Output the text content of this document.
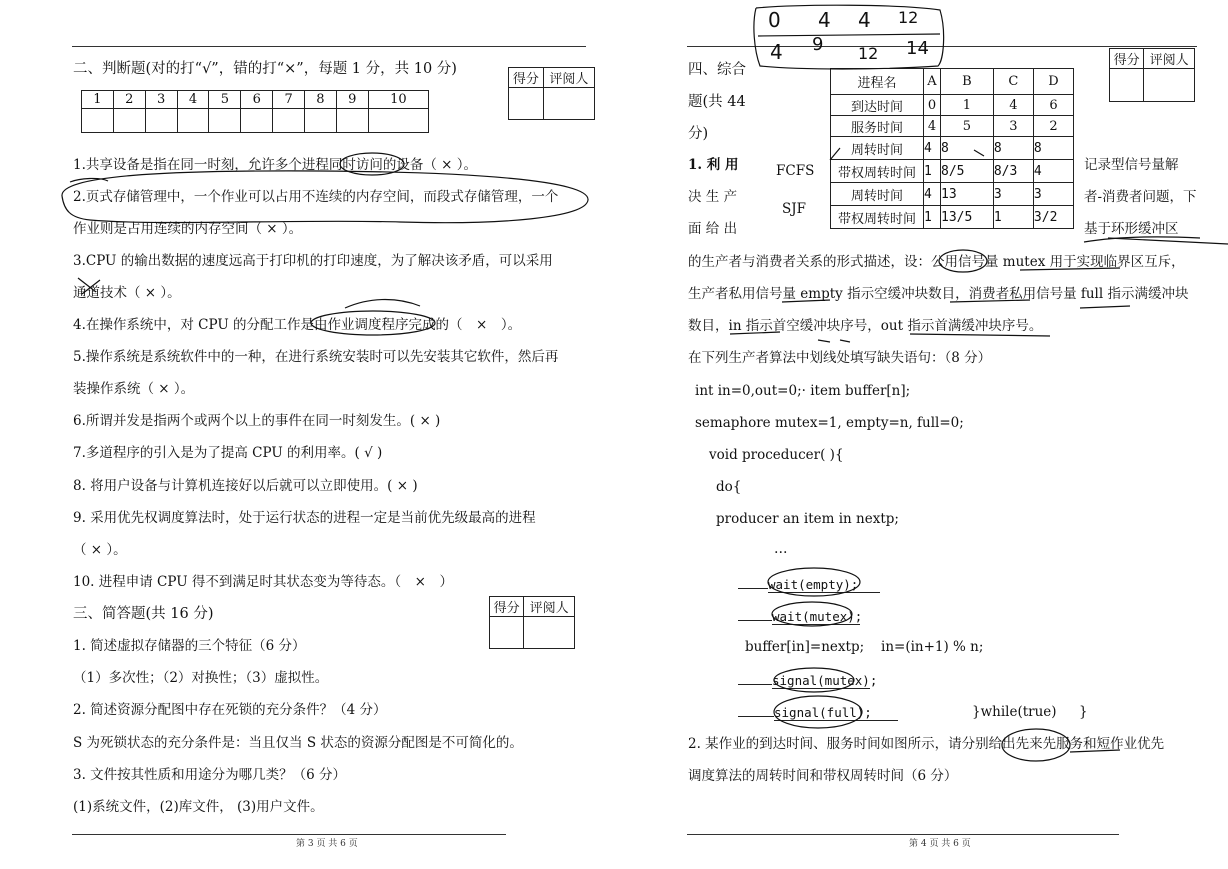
二、判断题(对的打“√”，错的打“×”，每题 1 分，共 10 分)
得分	评阅人

1	2	3	4	5	6	7	8	9	10

1.共享设备是指在同一时刻，允许多个进程同时访问的设备（ × ）。
2.页式存储管理中，一个作业可以占用不连续的内存空间，而段式存储管理，一个
作业则是占用连续的内存空间（ × ）。
3.CPU 的输出数据的速度远高于打印机的打印速度，为了解决该矛盾，可以采用
通道技术（ × ）。
4.在操作系统中，对 CPU 的分配工作是由作业调度程序完成的（　×　）。
5.操作系统是系统软件中的一种，在进行系统安装时可以先安装其它软件，然后再
装操作系统（ × ）。
6.所谓并发是指两个或两个以上的事件在同一时刻发生。( × )
7.多道程序的引入是为了提高 CPU 的利用率。( √ )
8. 将用户设备与计算机连接好以后就可以立即使用。( × )
9. 采用优先权调度算法时，处于运行状态的进程一定是当前优先级最高的进程
（ × ）。
10. 进程申请 CPU 得不到满足时其状态变为等待态。（　×　）
三、简答题(共 16 分)	得分	评阅人

1. 简述虚拟存储器的三个特征（6 分）
（1）多次性；（2）对换性；（3）虚拟性。
2. 简述资源分配图中存在死锁的充分条件？（4 分）
S 为死锁状态的充分条件是：当且仅当 S 状态的资源分配图是不可简化的。
3. 文件按其性质和用途分为哪几类？（6 分）
(1)系统文件，(2)库文件， (3)用户文件。
第 3 页 共 6 页
得分	评阅人

四、综合
题(共 44
分)
1. 利 用
决 生 产
面 给 出
记录型信号量解
者-消费者问题，下
基于环形缓冲区
进程名	A	B	C	D
到达时间	0	1	4	6
服务时间	4	5	3	2
周转时间	4	8	8	8
带权周转时间	1	8/5	8/3	4
周转时间	4	13	3	3
带权周转时间	1	13/5	1	3/2
FCFS
SJF
的生产者与消费者关系的形式描述，设：公用信号量 mutex 用于实现临界区互斥，
生产者私用信号量 empty 指示空缓冲块数目，消费者私用信号量 full 指示满缓冲块
数目，in 指示首空缓冲块序号，out 指示首满缓冲块序号。
在下列生产者算法中划线处填写缺失语句：（8 分）
int in=0,out=0;· item buffer[n];
semaphore mutex=1, empty=n, full=0;
void proceducer( ){
do{
producer an item in nextp;
…
wait(empty);
wait(mutex);
buffer[in]=nextp; in=(in+1) % n;
signal(mutex);
signal(full);	}while(true) }
2. 某作业的到达时间、服务时间如图所示，请分别给出先来先服务和短作业优先
调度算法的周转时间和带权周转时间（6 分）
第 4 页 共 6 页
0 4 4 12
4 9 12 14
